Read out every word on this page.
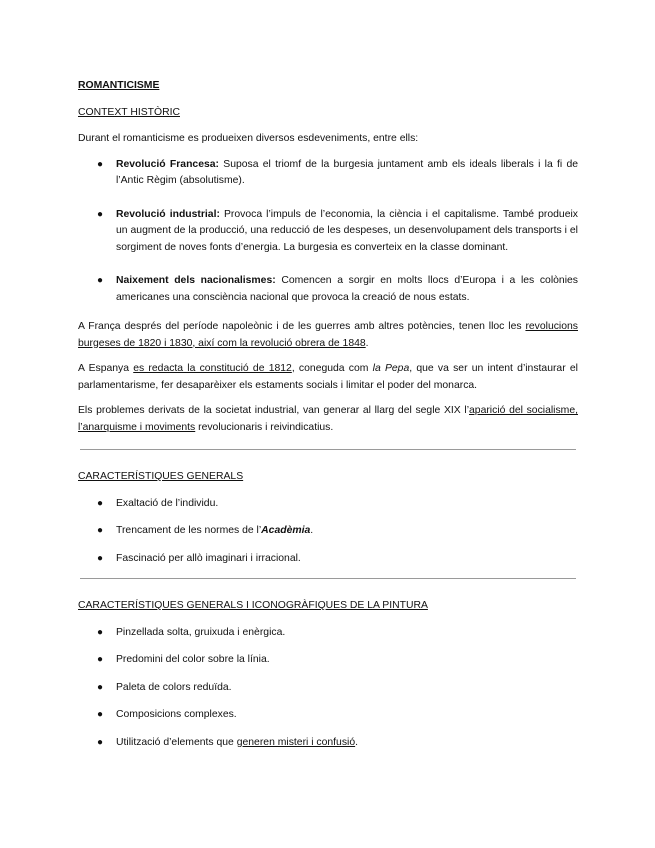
ROMANTICISME
CONTEXT HISTÒRIC

Durant el romanticisme es produeixen diversos esdeveniments, entre ells:

● Revolució Francesa: Suposa el triomf de la burgesia juntament amb els ideals liberals i la fi de l’Antic Règim (absolutisme).
● Revolució industrial: Provoca l’impuls de l’economia, la ciència i el capitalisme. També produeix un augment de la producció, una reducció de les despeses, un desenvolupament dels transports i el sorgiment de noves fonts d’energia. La burgesia es converteix en la classe dominant.
● Naixement dels nacionalismes: Comencen a sorgir en molts llocs d’Europa i a les colònies americanes una consciència nacional que provoca la creació de nous estats.

A França després del període napoleònic i de les guerres amb altres potències, tenen lloc les revolucions burgeses de 1820 i 1830, així com la revolució obrera de 1848.

A Espanya es redacta la constitució de 1812, coneguda com la Pepa, que va ser un intent d’instaurar el parlamentarisme, fer desaparèixer els estaments socials i limitar el poder del monarca.

Els problemes derivats de la societat industrial, van generar al llarg del segle XIX l’aparició del socialisme, l’anarquisme i moviments revolucionaris i reivindicatius.

CARACTERÍSTIQUES GENERALS
● Exaltació de l’individu.
● Trencament de les normes de l’Acadèmia.
● Fascinació per allò imaginari i irracional.
CARACTERÍSTIQUES GENERALS I ICONOGRÀFIQUES DE LA PINTURA
● Pinzellada solta, gruixuda i enèrgica.
● Predomini del color sobre la línia.
● Paleta de colors reduïda.
● Composicions complexes.
● Utilització d’elements que generen misteri i confusió.
